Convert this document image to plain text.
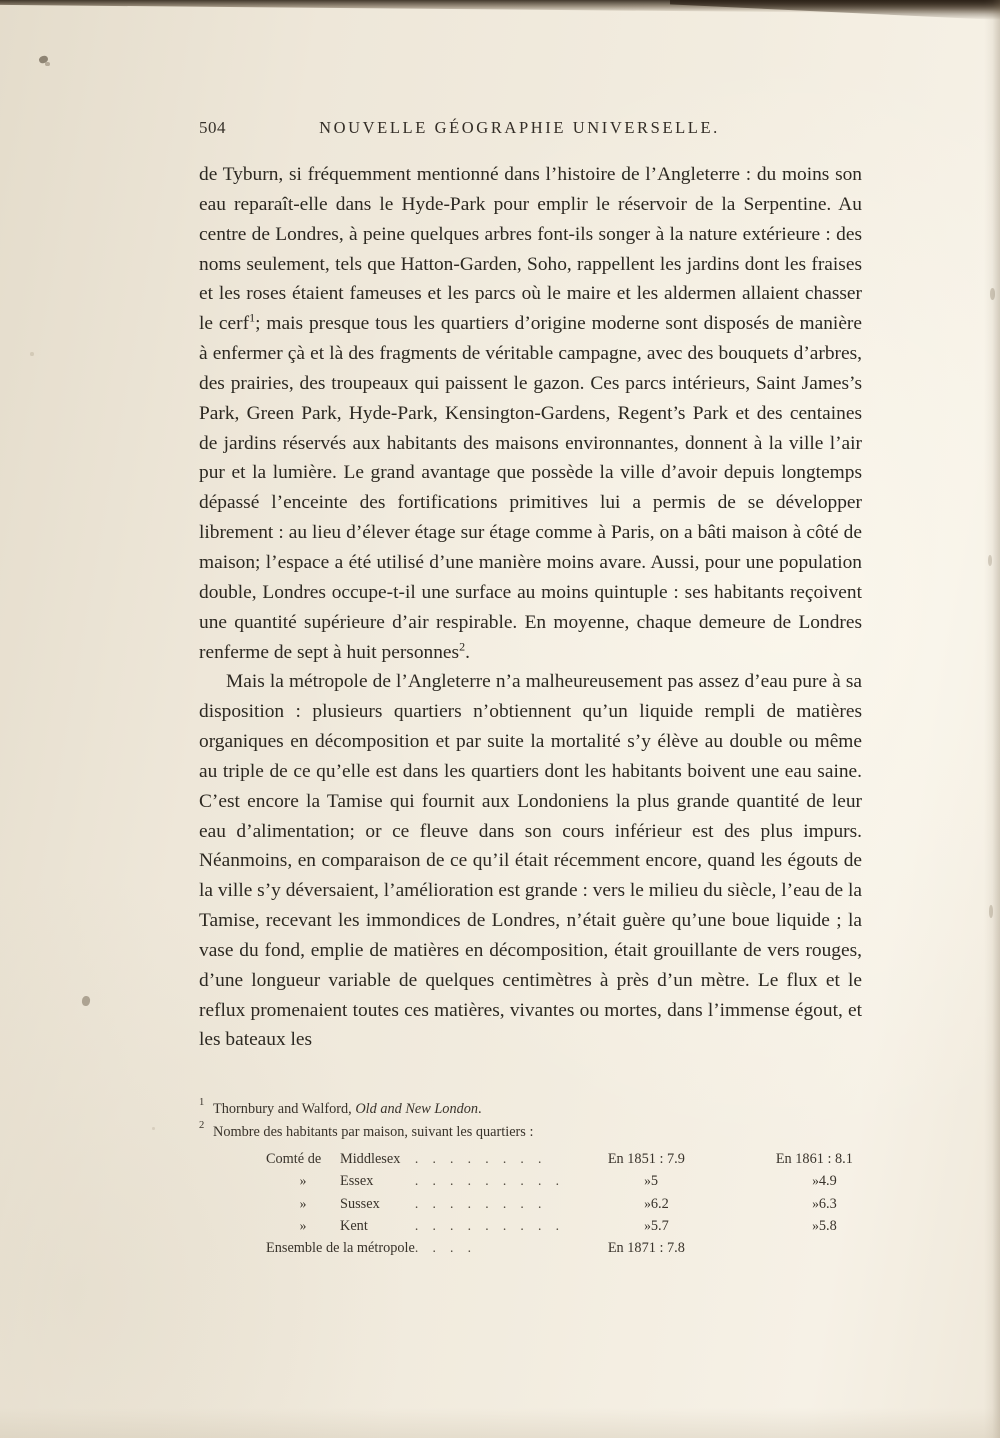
504	NOUVELLE GÉOGRAPHIE UNIVERSELLE.

de Tyburn, si fréquemment mentionné dans l’histoire de l’Angleterre : du moins son eau reparaît-elle dans le Hyde-Park pour emplir le réservoir de la Serpentine. Au centre de Londres, à peine quelques arbres font-ils songer à la nature extérieure : des noms seulement, tels que Hatton-Garden, Soho, rappellent les jardins dont les fraises et les roses étaient fameuses et les parcs où le maire et les aldermen allaient chasser le cerf$^1$; mais presque tous les quartiers d’origine moderne sont disposés de manière à enfermer çà et là des fragments de véritable campagne, avec des bouquets d’arbres, des prairies, des troupeaux qui paissent le gazon. Ces parcs intérieurs, Saint James’s Park, Green Park, Hyde-Park, Kensington-Gardens, Regent’s Park et des centaines de jardins réservés aux habitants des maisons environnantes, donnent à la ville l’air pur et la lumière. Le grand avantage que possède la ville d’avoir depuis longtemps dépassé l’enceinte des fortifications primitives lui a permis de se développer librement : au lieu d’élever étage sur étage comme à Paris, on a bâti maison à côté de maison; l’espace a été utilisé d’une manière moins avare. Aussi, pour une population double, Londres occupe-t-il une surface au moins quintuple : ses habitants reçoivent une quantité supérieure d’air respirable. En moyenne, chaque demeure de Londres renferme de sept à huit personnes$^2$.

Mais la métropole de l’Angleterre n’a malheureusement pas assez d’eau pure à sa disposition : plusieurs quartiers n’obtiennent qu’un liquide rempli de matières organiques en décomposition et par suite la mortalité s’y élève au double ou même au triple de ce qu’elle est dans les quartiers dont les habitants boivent une eau saine. C’est encore la Tamise qui fournit aux Londoniens la plus grande quantité de leur eau d’alimentation; or ce fleuve dans son cours inférieur est des plus impurs. Néanmoins, en comparaison de ce qu’il était récemment encore, quand les égouts de la ville s’y déversaient, l’amélioration est grande : vers le milieu du siècle, l’eau de la Tamise, recevant les immondices de Londres, n’était guère qu’une boue liquide ; la vase du fond, emplie de matières en décomposition, était grouillante de vers rouges, d’une longueur variable de quelques centimètres à près d’un mètre. Le flux et le reflux promenaient toutes ces matières, vivantes ou mortes, dans l’immense égout, et les bateaux les

1 Thornbury and Walford, Old and New London.
2 Nombre des habitants par maison, suivant les quartiers :
Comté de	Middlesex	. . . . . . . .	En 1851 : 7.9	En 1861 : 8.1
»	Essex	. . . . . . . . .	»5	»4.9
»	Sussex	. . . . . . . .	»6.2	»6.3
»	Kent	. . . . . . . . .	»5.7	»5.8
Ensemble de la métropole		. . . .	En 1871 : 7.8	
